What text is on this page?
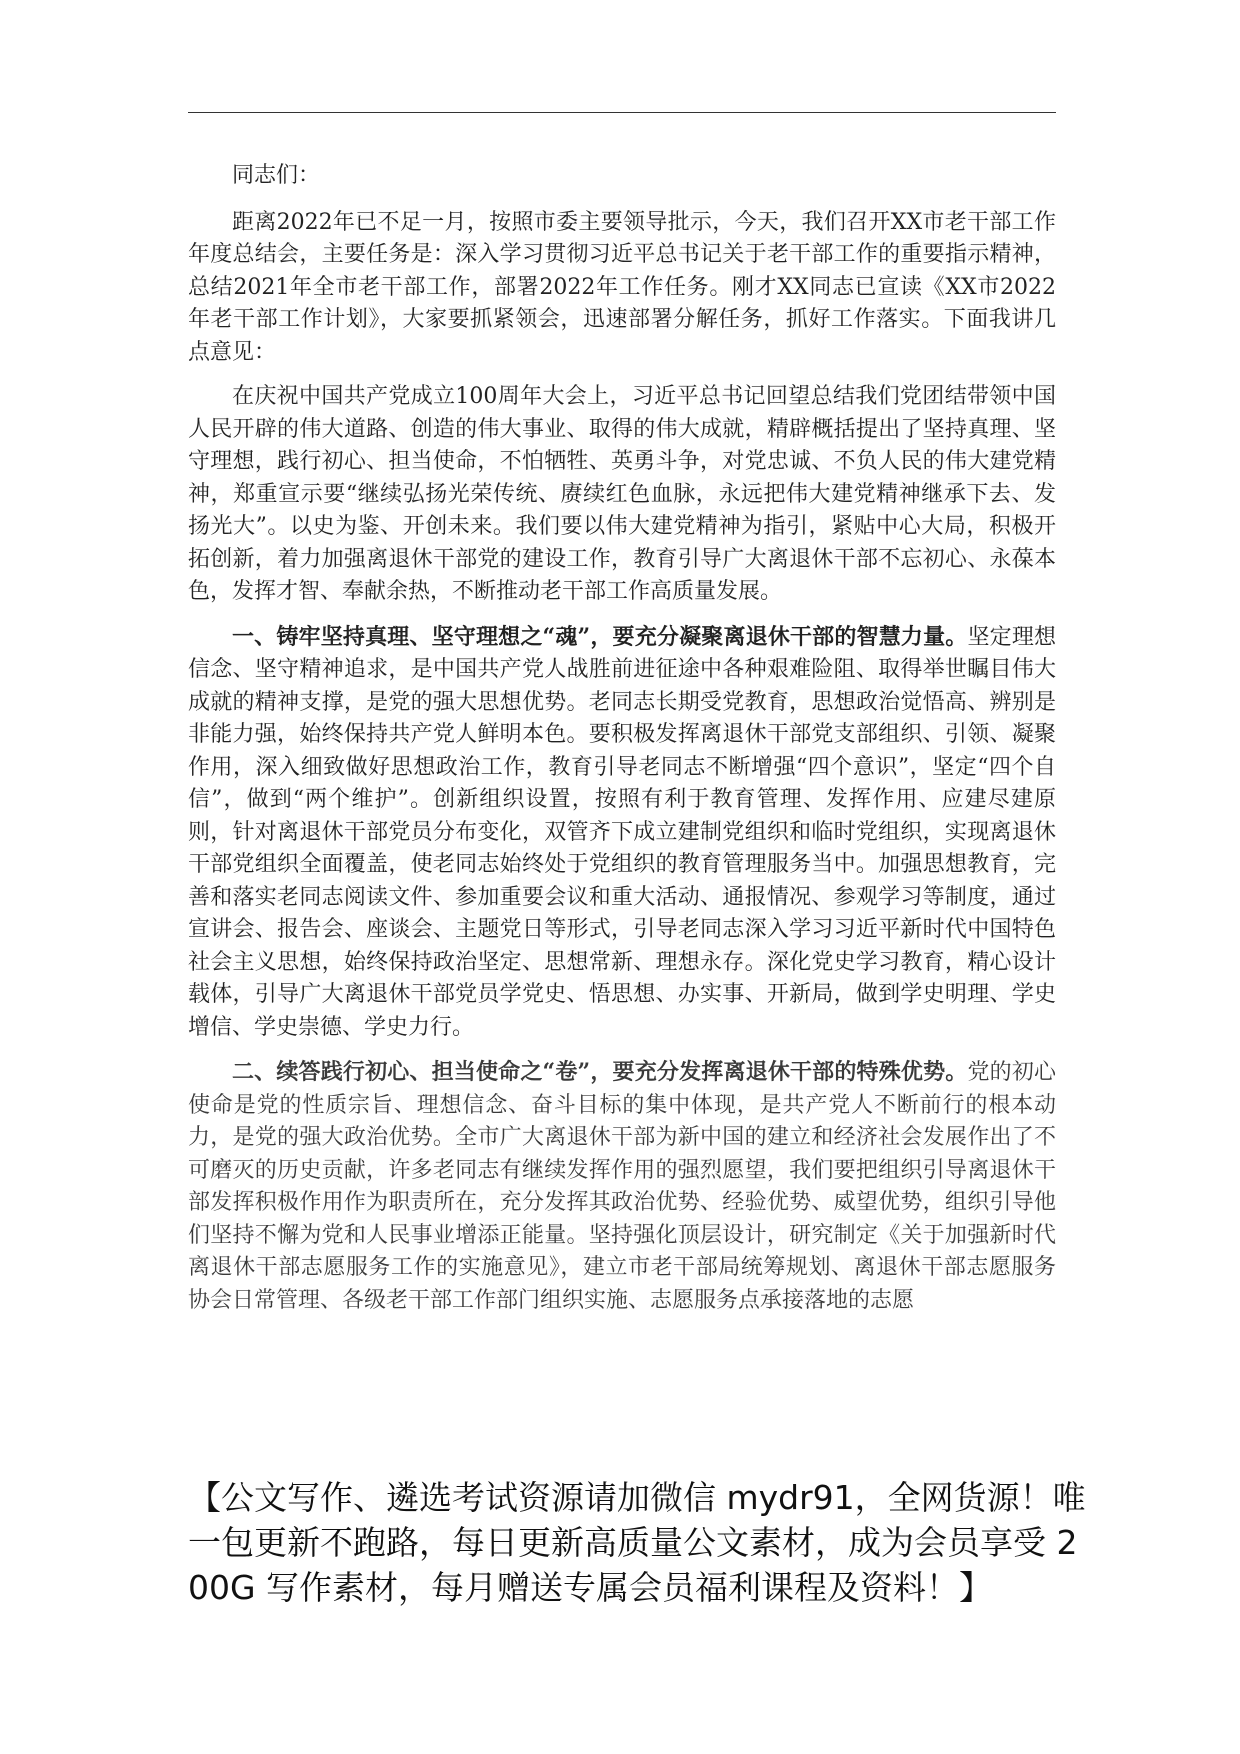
同志们：

距离2022年已不足一月，按照市委主要领导批示，今天，我们召开XX市老干部工作年度总结会，主要任务是：深入学习贯彻习近平总书记关于老干部工作的重要指示精神，总结2021年全市老干部工作，部署2022年工作任务。刚才XX同志已宣读《XX市2022年老干部工作计划》，大家要抓紧领会，迅速部署分解任务，抓好工作落实。下面我讲几点意见：

在庆祝中国共产党成立100周年大会上，习近平总书记回望总结我们党团结带领中国人民开辟的伟大道路、创造的伟大事业、取得的伟大成就，精辟概括提出了坚持真理、坚守理想，践行初心、担当使命，不怕牺牲、英勇斗争，对党忠诚、不负人民的伟大建党精神，郑重宣示要“继续弘扬光荣传统、赓续红色血脉，永远把伟大建党精神继承下去、发扬光大”。以史为鉴、开创未来。我们要以伟大建党精神为指引，紧贴中心大局，积极开拓创新，着力加强离退休干部党的建设工作，教育引导广大离退休干部不忘初心、永葆本色，发挥才智、奉献余热，不断推动老干部工作高质量发展。

一、铸牢坚持真理、坚守理想之“魂”，要充分凝聚离退休干部的智慧力量。坚定理想信念、坚守精神追求，是中国共产党人战胜前进征途中各种艰难险阻、取得举世瞩目伟大成就的精神支撑，是党的强大思想优势。老同志长期受党教育，思想政治觉悟高、辨别是非能力强，始终保持共产党人鲜明本色。要积极发挥离退休干部党支部组织、引领、凝聚作用，深入细致做好思想政治工作，教育引导老同志不断增强“四个意识”，坚定“四个自信”，做到“两个维护”。创新组织设置，按照有利于教育管理、发挥作用、应建尽建原则，针对离退休干部党员分布变化，双管齐下成立建制党组织和临时党组织，实现离退休干部党组织全面覆盖，使老同志始终处于党组织的教育管理服务当中。加强思想教育，完善和落实老同志阅读文件、参加重要会议和重大活动、通报情况、参观学习等制度，通过宣讲会、报告会、座谈会、主题党日等形式，引导老同志深入学习习近平新时代中国特色社会主义思想，始终保持政治坚定、思想常新、理想永存。深化党史学习教育，精心设计载体，引导广大离退休干部党员学党史、悟思想、办实事、开新局，做到学史明理、学史增信、学史崇德、学史力行。

二、续答践行初心、担当使命之“卷”，要充分发挥离退休干部的特殊优势。党的初心使命是党的性质宗旨、理想信念、奋斗目标的集中体现，是共产党人不断前行的根本动力，是党的强大政治优势。全市广大离退休干部为新中国的建立和经济社会发展作出了不可磨灭的历史贡献，许多老同志有继续发挥作用的强烈愿望，我们要把组织引导离退休干部发挥积极作用作为职责所在，充分发挥其政治优势、经验优势、威望优势，组织引导他们坚持不懈为党和人民事业增添正能量。坚持强化顶层设计，研究制定《关于加强新时代离退休干部志愿服务工作的实施意见》，建立市老干部局统筹规划、离退休干部志愿服务协会日常管理、各级老干部工作部门组织实施、志愿服务点承接落地的志愿

【公文写作、遴选考试资源请加微信 mydr91，全网货源！唯一包更新不跑路，每日更新高质量公文素材，成为会员享受 200G 写作素材，每月赠送专属会员福利课程及资料！】
